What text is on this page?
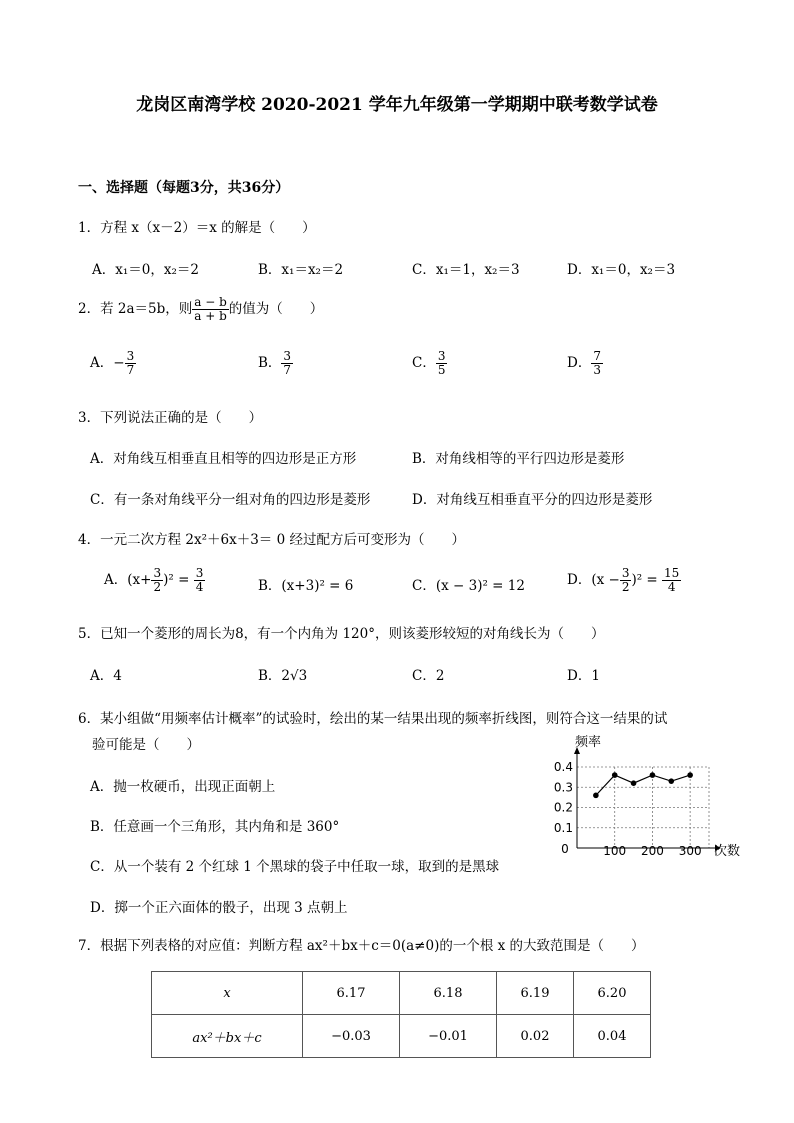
龙岗区南湾学校 2020-2021 学年九年级第一学期期中联考数学试卷
一、选择题（每题3分，共36分）
1．方程 x（x－2）＝x 的解是（　　）
A．x₁＝0，x₂＝2	B．x₁＝x₂＝2	C．x₁＝1，x₂＝3	D．x₁＝0，x₂＝3
2．若 2a＝5b，则 $\frac{a - b}{a + b}$ 的值为（　　）
A．− $\frac{3}{7}$	B． $\frac{3}{7}$	C． $\frac{3}{5}$	D． $\frac{7}{3}$
3．下列说法正确的是（　　）
A．对角线互相垂直且相等的四边形是正方形	B．对角线相等的平行四边形是菱形
C．有一条对角线平分一组对角的四边形是菱形	D．对角线互相垂直平分的四边形是菱形
4．一元二次方程 2x²＋6x＋3＝ 0 经过配方后可变形为（　　）
A．$(x+ \frac{3}{2} )^2 = \frac{3}{4}$	B．(x+3)² = 6	C．(x − 3)² = 12	D．$(x - \frac{3}{2} )^2 = \frac{15}{4}$
5．已知一个菱形的周长为8，有一个内角为 120°，则该菱形较短的对角线长为（　　）
A．4	B．2√3	C．2	D．1
6．某小组做“用频率估计概率”的试验时，绘出的某一结果出现的频率折线图，则符合这一结果的试
验可能是（　　）
A．抛一枚硬币，出现正面朝上
B．任意画一个三角形，其内角和是 360°
C．从一个装有 2 个红球 1 个黑球的袋子中任取一球，取到的是黑球
D．掷一个正六面体的骰子，出现 3 点朝上
0.1
0.2
0.3
0.4
100 200 300
频率
次数
0
7．根据下列表格的对应值：判断方程 ax²＋bx＋c＝0(a≠0)的一个根 x 的大致范围是（　　）
x	6.17	6.18	6.19	6.20
ax²＋bx＋c	−0.03	−0.01	0.02	0.04
